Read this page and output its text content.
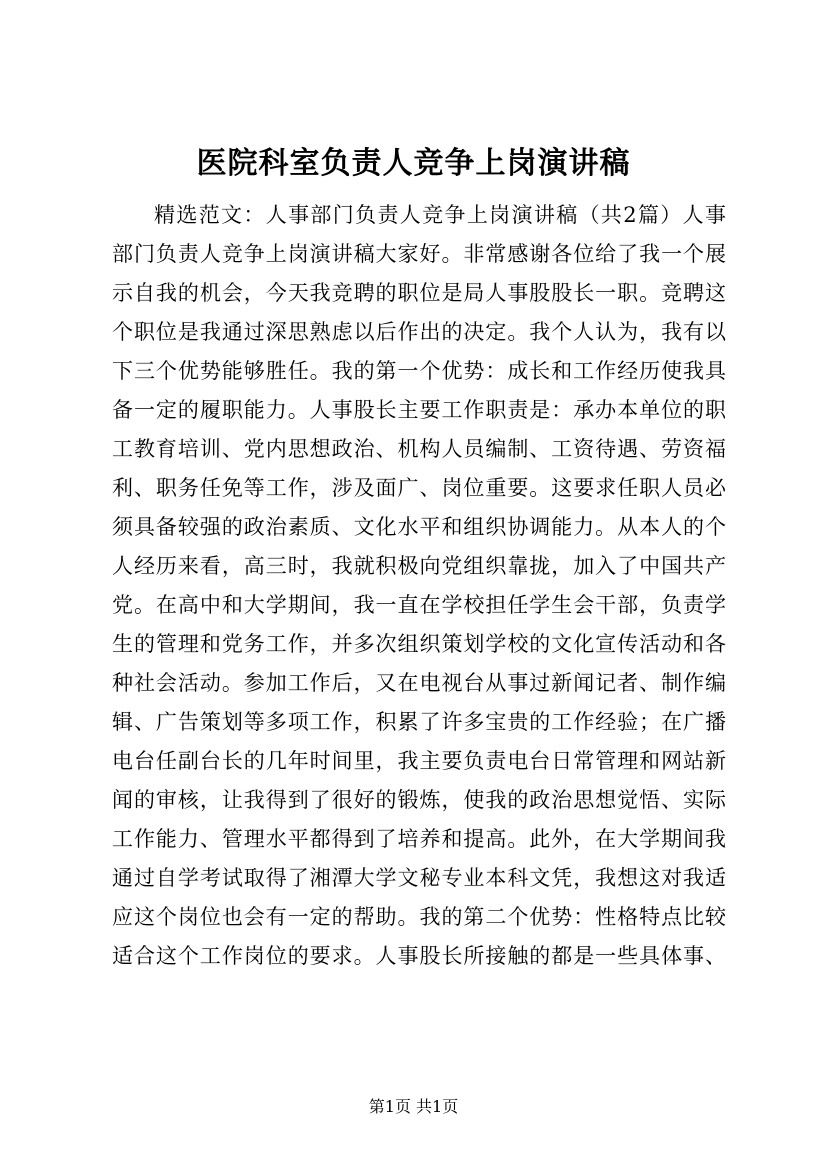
医院科室负责人竞争上岗演讲稿
精选范文：人事部门负责人竞争上岗演讲稿（共2篇）人事
部门负责人竞争上岗演讲稿大家好。非常感谢各位给了我一个展
示自我的机会，今天我竞聘的职位是局人事股股长一职。竞聘这
个职位是我通过深思熟虑以后作出的决定。我个人认为，我有以
下三个优势能够胜任。我的第一个优势：成长和工作经历使我具
备一定的履职能力。人事股长主要工作职责是：承办本单位的职
工教育培训、党内思想政治、机构人员编制、工资待遇、劳资福
利、职务任免等工作，涉及面广、岗位重要。这要求任职人员必
须具备较强的政治素质、文化水平和组织协调能力。从本人的个
人经历来看，高三时，我就积极向党组织靠拢，加入了中国共产
党。在高中和大学期间，我一直在学校担任学生会干部，负责学
生的管理和党务工作，并多次组织策划学校的文化宣传活动和各
种社会活动。参加工作后，又在电视台从事过新闻记者、制作编
辑、广告策划等多项工作，积累了许多宝贵的工作经验；在广播
电台任副台长的几年时间里，我主要负责电台日常管理和网站新
闻的审核，让我得到了很好的锻炼，使我的政治思想觉悟、实际
工作能力、管理水平都得到了培养和提高。此外，在大学期间我
通过自学考试取得了湘潭大学文秘专业本科文凭，我想这对我适
应这个岗位也会有一定的帮助。我的第二个优势：性格特点比较
适合这个工作岗位的要求。人事股长所接触的都是一些具体事、
第1页 共1页
